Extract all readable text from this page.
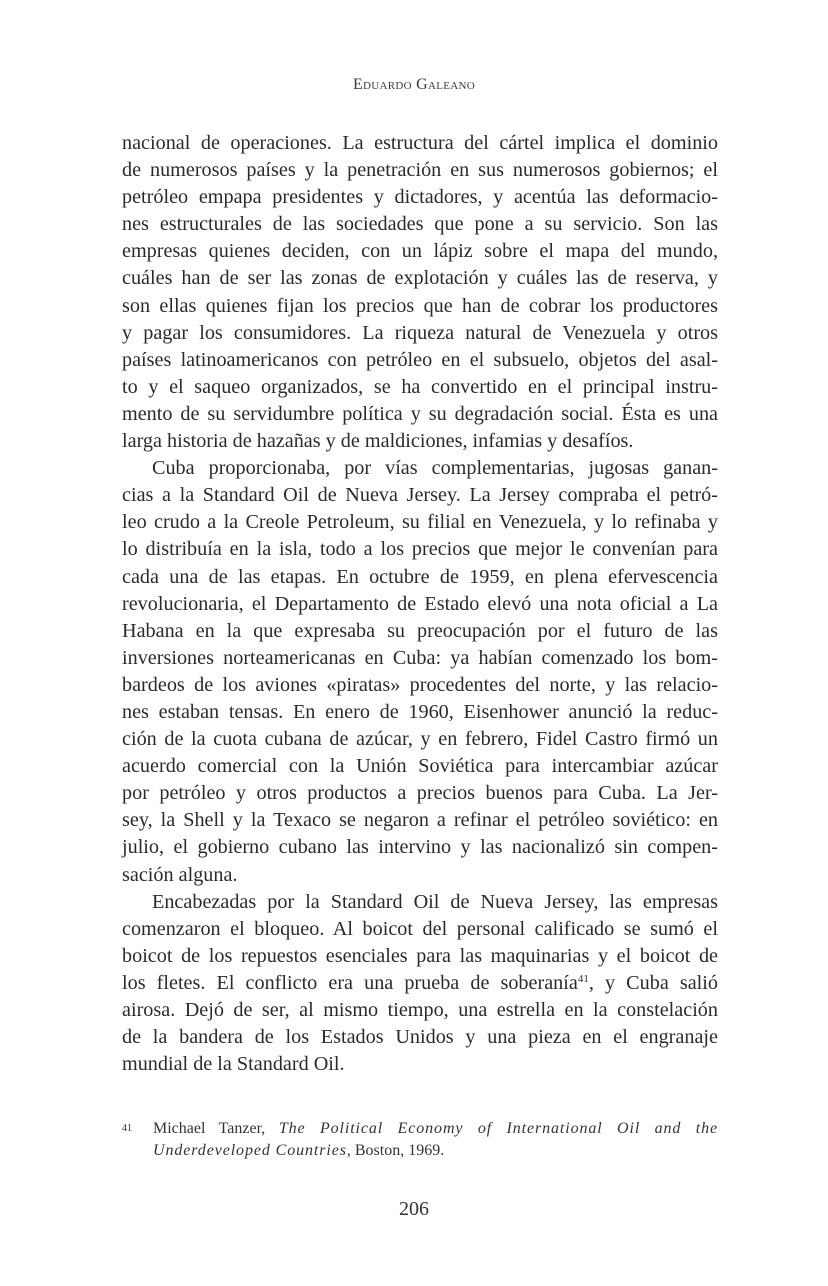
Eduardo Galeano
nacional de operaciones. La estructura del cártel implica el dominio
de numerosos países y la penetración en sus numerosos gobiernos; el
petróleo empapa presidentes y dictadores, y acentúa las deformacio-
nes estructurales de las sociedades que pone a su servicio. Son las
empresas quienes deciden, con un lápiz sobre el mapa del mundo,
cuáles han de ser las zonas de explotación y cuáles las de reserva, y
son ellas quienes fijan los precios que han de cobrar los productores
y pagar los consumidores. La riqueza natural de Venezuela y otros
países latinoamericanos con petróleo en el subsuelo, objetos del asal-
to y el saqueo organizados, se ha convertido en el principal instru-
mento de su servidumbre política y su degradación social. Ésta es una
larga historia de hazañas y de maldiciones, infamias y desafíos.
Cuba proporcionaba, por vías complementarias, jugosas ganan-
cias a la Standard Oil de Nueva Jersey. La Jersey compraba el petró-
leo crudo a la Creole Petroleum, su filial en Venezuela, y lo refinaba y
lo distribuía en la isla, todo a los precios que mejor le convenían para
cada una de las etapas. En octubre de 1959, en plena efervescencia
revolucionaria, el Departamento de Estado elevó una nota oficial a La
Habana en la que expresaba su preocupación por el futuro de las
inversiones norteamericanas en Cuba: ya habían comenzado los bom-
bardeos de los aviones «piratas» procedentes del norte, y las relacio-
nes estaban tensas. En enero de 1960, Eisenhower anunció la reduc-
ción de la cuota cubana de azúcar, y en febrero, Fidel Castro firmó un
acuerdo comercial con la Unión Soviética para intercambiar azúcar
por petróleo y otros productos a precios buenos para Cuba. La Jer-
sey, la Shell y la Texaco se negaron a refinar el petróleo soviético: en
julio, el gobierno cubano las intervino y las nacionalizó sin compen-
sación alguna.
Encabezadas por la Standard Oil de Nueva Jersey, las empresas
comenzaron el bloqueo. Al boicot del personal calificado se sumó el
boicot de los repuestos esenciales para las maquinarias y el boicot de
los fletes. El conflicto era una prueba de soberanía$^{41}$, y Cuba salió
airosa. Dejó de ser, al mismo tiempo, una estrella en la constelación
de la bandera de los Estados Unidos y una pieza en el engranaje
mundial de la Standard Oil.
41 Michael Tanzer, The Political Economy of International Oil and the Underdeveloped Countries, Boston, 1969.
206
